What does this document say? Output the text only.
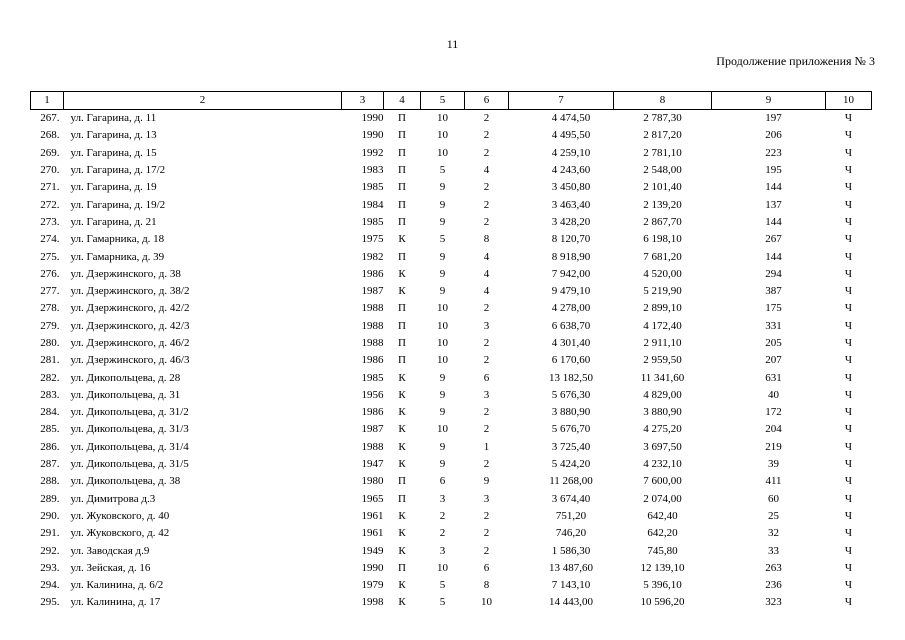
11
Продолжение приложения № 3
1	2	3	4	5	6	7	8	9	10
267.	ул. Гагарина, д. 11	1990	П	10	2	4 474,50	2 787,30	197	Ч
268.	ул. Гагарина, д. 13	1990	П	10	2	4 495,50	2 817,20	206	Ч
269.	ул. Гагарина, д. 15	1992	П	10	2	4 259,10	2 781,10	223	Ч
270.	ул. Гагарина, д. 17/2	1983	П	5	4	4 243,60	2 548,00	195	Ч
271.	ул. Гагарина, д. 19	1985	П	9	2	3 450,80	2 101,40	144	Ч
272.	ул. Гагарина, д. 19/2	1984	П	9	2	3 463,40	2 139,20	137	Ч
273.	ул. Гагарина, д. 21	1985	П	9	2	3 428,20	2 867,70	144	Ч
274.	ул. Гамарника, д. 18	1975	К	5	8	8 120,70	6 198,10	267	Ч
275.	ул. Гамарника, д. 39	1982	П	9	4	8 918,90	7 681,20	144	Ч
276.	ул. Дзержинского, д. 38	1986	К	9	4	7 942,00	4 520,00	294	Ч
277.	ул. Дзержинского, д. 38/2	1987	К	9	4	9 479,10	5 219,90	387	Ч
278.	ул. Дзержинского, д. 42/2	1988	П	10	2	4 278,00	2 899,10	175	Ч
279.	ул. Дзержинского, д. 42/3	1988	П	10	3	6 638,70	4 172,40	331	Ч
280.	ул. Дзержинского, д. 46/2	1988	П	10	2	4 301,40	2 911,10	205	Ч
281.	ул. Дзержинского, д. 46/3	1986	П	10	2	6 170,60	2 959,50	207	Ч
282.	ул. Дикопольцева, д. 28	1985	К	9	6	13 182,50	11 341,60	631	Ч
283.	ул. Дикопольцева, д. 31	1956	К	9	3	5 676,30	4 829,00	40	Ч
284.	ул. Дикопольцева, д. 31/2	1986	К	9	2	3 880,90	3 880,90	172	Ч
285.	ул. Дикопольцева, д. 31/3	1987	К	10	2	5 676,70	4 275,20	204	Ч
286.	ул. Дикопольцева, д. 31/4	1988	К	9	1	3 725,40	3 697,50	219	Ч
287.	ул. Дикопольцева, д. 31/5	1947	К	9	2	5 424,20	4 232,10	39	Ч
288.	ул. Дикопольцева, д. 38	1980	П	6	9	11 268,00	7 600,00	411	Ч
289.	ул. Димитрова д.3	1965	П	3	3	3 674,40	2 074,00	60	Ч
290.	ул. Жуковского, д. 40	1961	К	2	2	751,20	642,40	25	Ч
291.	ул. Жуковского, д. 42	1961	К	2	2	746,20	642,20	32	Ч
292.	ул. Заводская д.9	1949	К	3	2	1 586,30	745,80	33	Ч
293.	ул. Зейская, д. 16	1990	П	10	6	13 487,60	12 139,10	263	Ч
294.	ул. Калинина, д. 6/2	1979	К	5	8	7 143,10	5 396,10	236	Ч
295.	ул. Калинина, д. 17	1998	К	5	10	14 443,00	10 596,20	323	Ч
